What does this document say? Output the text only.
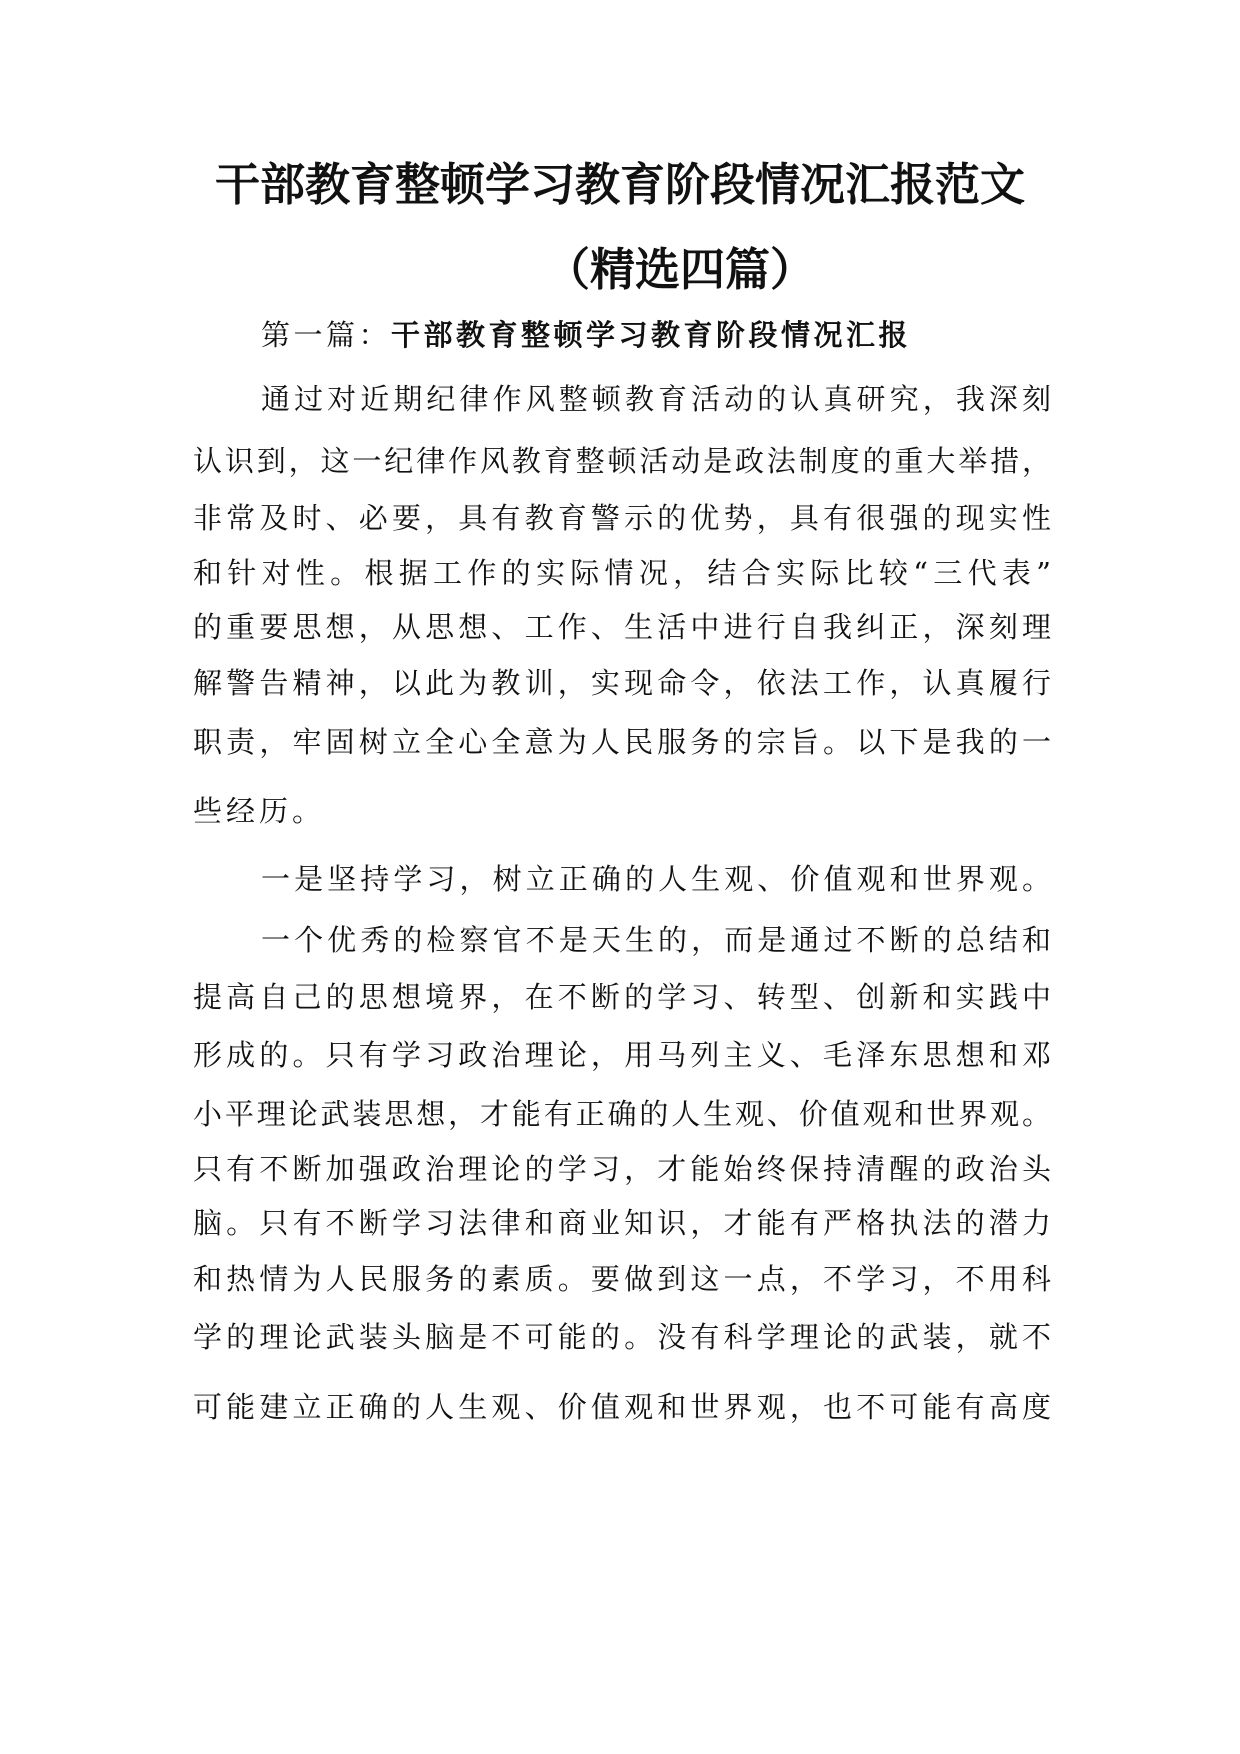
干部教育整顿学习教育阶段情况汇报范文
（精选四篇）
第一篇：干部教育整顿学习教育阶段情况汇报
通过对近期纪律作风整顿教育活动的认真研究，我深刻
认识到，这一纪律作风教育整顿活动是政法制度的重大举措，
非常及时、必要，具有教育警示的优势，具有很强的现实性
和针对性。根据工作的实际情况，结合实际比较“三代表”
的重要思想，从思想、工作、生活中进行自我纠正，深刻理
解警告精神，以此为教训，实现命令，依法工作，认真履行
职责，牢固树立全心全意为人民服务的宗旨。以下是我的一
些经历。
一是坚持学习，树立正确的人生观、价值观和世界观。
一个优秀的检察官不是天生的，而是通过不断的总结和
提高自己的思想境界，在不断的学习、转型、创新和实践中
形成的。只有学习政治理论，用马列主义、毛泽东思想和邓
小平理论武装思想，才能有正确的人生观、价值观和世界观。
只有不断加强政治理论的学习，才能始终保持清醒的政治头
脑。只有不断学习法律和商业知识，才能有严格执法的潜力
和热情为人民服务的素质。要做到这一点，不学习，不用科
学的理论武装头脑是不可能的。没有科学理论的武装，就不
可能建立正确的人生观、价值观和世界观，也不可能有高度
